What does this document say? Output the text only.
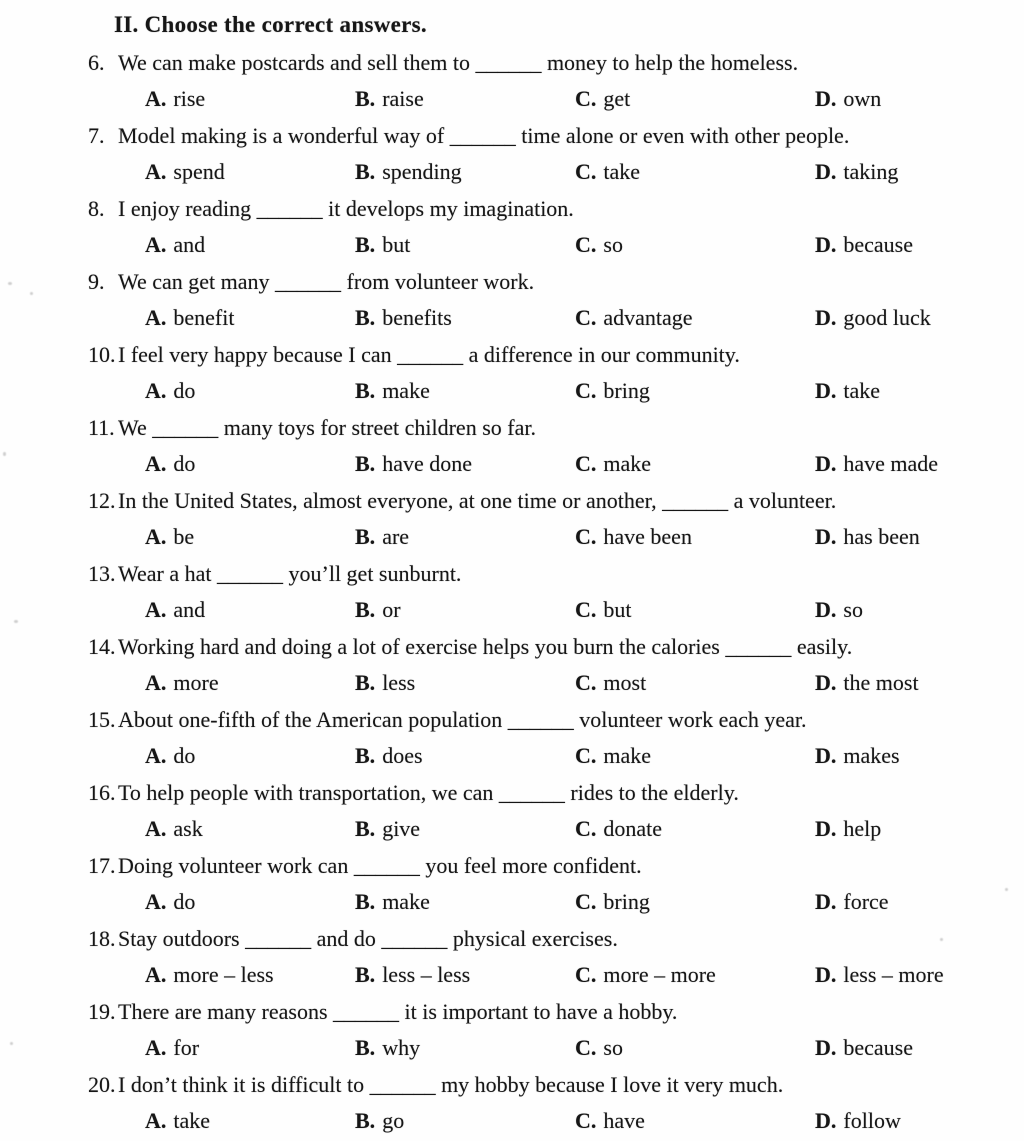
II. Choose the correct answers.
6. We can make postcards and sell them to ______ money to help the homeless.
A. rise	B. raise	C. get	D. own
7. Model making is a wonderful way of ______ time alone or even with other people.
A. spend	B. spending	C. take	D. taking
8. I enjoy reading ______ it develops my imagination.
A. and	B. but	C. so	D. because
9. We can get many ______ from volunteer work.
A. benefit	B. benefits	C. advantage	D. good luck
10. I feel very happy because I can ______ a difference in our community.
A. do	B. make	C. bring	D. take
11. We ______ many toys for street children so far.
A. do	B. have done	C. make	D. have made
12. In the United States, almost everyone, at one time or another, ______ a volunteer.
A. be	B. are	C. have been	D. has been
13. Wear a hat ______ you’ll get sunburnt.
A. and	B. or	C. but	D. so
14. Working hard and doing a lot of exercise helps you burn the calories ______ easily.
A. more	B. less	C. most	D. the most
15. About one-fifth of the American population ______ volunteer work each year.
A. do	B. does	C. make	D. makes
16. To help people with transportation, we can ______ rides to the elderly.
A. ask	B. give	C. donate	D. help
17. Doing volunteer work can ______ you feel more confident.
A. do	B. make	C. bring	D. force
18. Stay outdoors ______ and do ______ physical exercises.
A. more – less	B. less – less	C. more – more	D. less – more
19. There are many reasons ______ it is important to have a hobby.
A. for	B. why	C. so	D. because
20. I don’t think it is difficult to ______ my hobby because I love it very much.
A. take	B. go	C. have	D. follow
